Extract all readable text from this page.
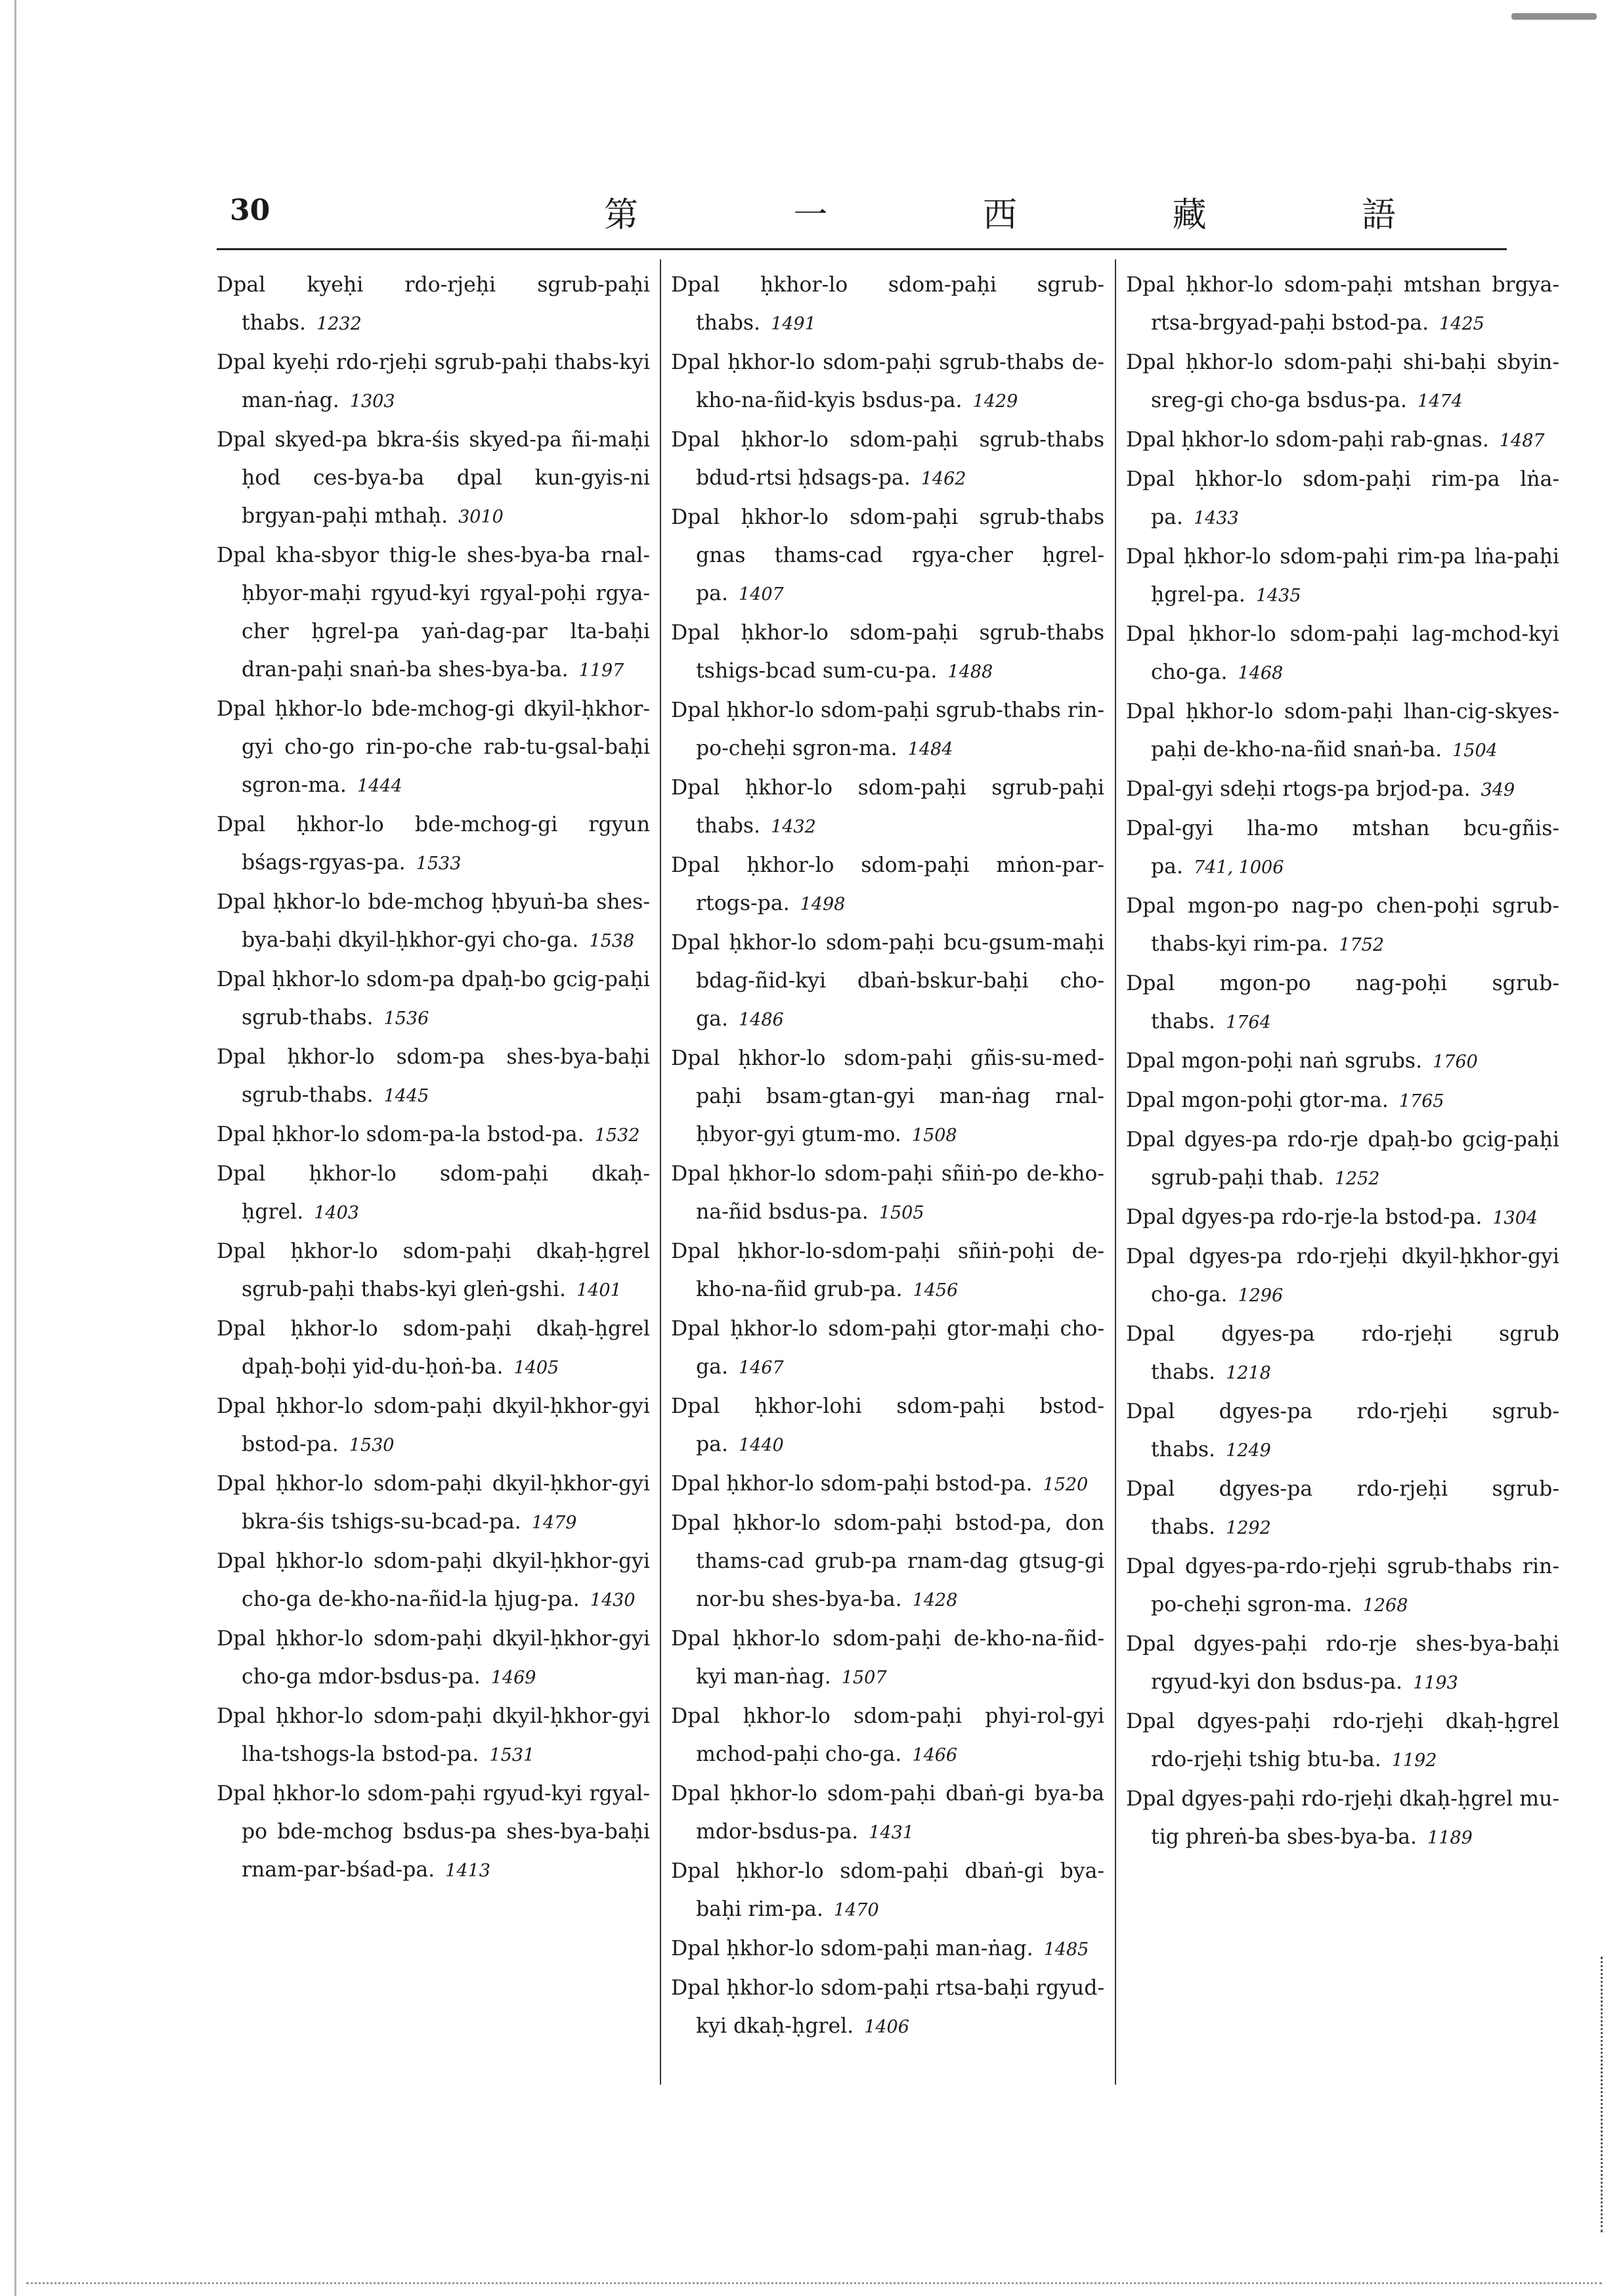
30	第 一 西 藏 語

Dpal kyeḥi rdo-rjeḥi sgrub-paḥi thabs. 1232

Dpal kyeḥi rdo-rjeḥi sgrub-paḥi thabs-kyi man-ṅag. 1303

Dpal skyed-pa bkra-śis skyed-pa ñi-maḥi ḥod ces-bya-ba dpal kun-gyis-ni brgyan-paḥi mthaḥ. 3010

Dpal kha-sbyor thig-le shes-bya-ba rnal-ḥbyor-maḥi rgyud-kyi rgyal-poḥi rgya-cher ḥgrel-pa yaṅ-dag-par lta-baḥi dran-paḥi snaṅ-ba shes-bya-ba. 1197

Dpal ḥkhor-lo bde-mchog-gi dkyil-ḥkhor-gyi cho-go rin-po-che rab-tu-gsal-baḥi sgron-ma. 1444

Dpal ḥkhor-lo bde-mchog-gi rgyun bśags-rgyas-pa. 1533

Dpal ḥkhor-lo bde-mchog ḥbyuṅ-ba shes-bya-baḥi dkyil-ḥkhor-gyi cho-ga. 1538

Dpal ḥkhor-lo sdom-pa dpaḥ-bo gcig-paḥi sgrub-thabs. 1536

Dpal ḥkhor-lo sdom-pa shes-bya-baḥi sgrub-thabs. 1445

Dpal ḥkhor-lo sdom-pa-la bstod-pa. 1532

Dpal ḥkhor-lo sdom-paḥi dkaḥ-ḥgrel. 1403

Dpal ḥkhor-lo sdom-paḥi dkaḥ-ḥgrel sgrub-paḥi thabs-kyi gleṅ-gshi. 1401

Dpal ḥkhor-lo sdom-paḥi dkaḥ-ḥgrel dpaḥ-boḥi yid-du-ḥoṅ-ba. 1405

Dpal ḥkhor-lo sdom-paḥi dkyil-ḥkhor-gyi bstod-pa. 1530

Dpal ḥkhor-lo sdom-paḥi dkyil-ḥkhor-gyi bkra-śis tshigs-su-bcad-pa. 1479

Dpal ḥkhor-lo sdom-paḥi dkyil-ḥkhor-gyi cho-ga de-kho-na-ñid-la ḥjug-pa. 1430

Dpal ḥkhor-lo sdom-paḥi dkyil-ḥkhor-gyi cho-ga mdor-bsdus-pa. 1469

Dpal ḥkhor-lo sdom-paḥi dkyil-ḥkhor-gyi lha-tshogs-la bstod-pa. 1531

Dpal ḥkhor-lo sdom-paḥi rgyud-kyi rgyal-po bde-mchog bsdus-pa shes-bya-baḥi rnam-par-bśad-pa. 1413

Dpal ḥkhor-lo sdom-paḥi sgrub-thabs. 1491

Dpal ḥkhor-lo sdom-paḥi sgrub-thabs de-kho-na-ñid-kyis bsdus-pa. 1429

Dpal ḥkhor-lo sdom-paḥi sgrub-thabs bdud-rtsi ḥdsags-pa. 1462

Dpal ḥkhor-lo sdom-paḥi sgrub-thabs gnas thams-cad rgya-cher ḥgrel-pa. 1407

Dpal ḥkhor-lo sdom-paḥi sgrub-thabs tshigs-bcad sum-cu-pa. 1488

Dpal ḥkhor-lo sdom-paḥi sgrub-thabs rin-po-cheḥi sgron-ma. 1484

Dpal ḥkhor-lo sdom-paḥi sgrub-paḥi thabs. 1432

Dpal ḥkhor-lo sdom-paḥi mṅon-par-rtogs-pa. 1498

Dpal ḥkhor-lo sdom-paḥi bcu-gsum-maḥi bdag-ñid-kyi dbaṅ-bskur-baḥi cho-ga. 1486

Dpal ḥkhor-lo sdom-paḥi gñis-su-med-paḥi bsam-gtan-gyi man-ṅag rnal-ḥbyor-gyi gtum-mo. 1508

Dpal ḥkhor-lo sdom-paḥi sñiṅ-po de-kho-na-ñid bsdus-pa. 1505

Dpal ḥkhor-lo-sdom-paḥi sñiṅ-poḥi de-kho-na-ñid grub-pa. 1456

Dpal ḥkhor-lo sdom-paḥi gtor-maḥi cho-ga. 1467

Dpal ḥkhor-lohi sdom-paḥi bstod-pa. 1440

Dpal ḥkhor-lo sdom-paḥi bstod-pa. 1520

Dpal ḥkhor-lo sdom-paḥi bstod-pa, don thams-cad grub-pa rnam-dag gtsug-gi nor-bu shes-bya-ba. 1428

Dpal ḥkhor-lo sdom-paḥi de-kho-na-ñid-kyi man-ṅag. 1507

Dpal ḥkhor-lo sdom-paḥi phyi-rol-gyi mchod-paḥi cho-ga. 1466

Dpal ḥkhor-lo sdom-paḥi dbaṅ-gi bya-ba mdor-bsdus-pa. 1431

Dpal ḥkhor-lo sdom-paḥi dbaṅ-gi bya-baḥi rim-pa. 1470

Dpal ḥkhor-lo sdom-paḥi man-ṅag. 1485

Dpal ḥkhor-lo sdom-paḥi rtsa-baḥi rgyud-kyi dkaḥ-ḥgrel. 1406

Dpal ḥkhor-lo sdom-paḥi mtshan brgya-rtsa-brgyad-paḥi bstod-pa. 1425

Dpal ḥkhor-lo sdom-paḥi shi-baḥi sbyin-sreg-gi cho-ga bsdus-pa. 1474

Dpal ḥkhor-lo sdom-paḥi rab-gnas. 1487

Dpal ḥkhor-lo sdom-paḥi rim-pa lṅa-pa. 1433

Dpal ḥkhor-lo sdom-paḥi rim-pa lṅa-paḥi ḥgrel-pa. 1435

Dpal ḥkhor-lo sdom-paḥi lag-mchod-kyi cho-ga. 1468

Dpal ḥkhor-lo sdom-paḥi lhan-cig-skyes-paḥi de-kho-na-ñid snaṅ-ba. 1504

Dpal-gyi sdeḥi rtogs-pa brjod-pa. 349

Dpal-gyi lha-mo mtshan bcu-gñis-pa. 741, 1006

Dpal mgon-po nag-po chen-poḥi sgrub-thabs-kyi rim-pa. 1752

Dpal mgon-po nag-poḥi sgrub-thabs. 1764

Dpal mgon-poḥi naṅ sgrubs. 1760

Dpal mgon-poḥi gtor-ma. 1765

Dpal dgyes-pa rdo-rje dpaḥ-bo gcig-paḥi sgrub-paḥi thab. 1252

Dpal dgyes-pa rdo-rje-la bstod-pa. 1304

Dpal dgyes-pa rdo-rjeḥi dkyil-ḥkhor-gyi cho-ga. 1296

Dpal dgyes-pa rdo-rjeḥi sgrub thabs. 1218

Dpal dgyes-pa rdo-rjeḥi sgrub-thabs. 1249

Dpal dgyes-pa rdo-rjeḥi sgrub-thabs. 1292

Dpal dgyes-pa-rdo-rjeḥi sgrub-thabs rin-po-cheḥi sgron-ma. 1268

Dpal dgyes-paḥi rdo-rje shes-bya-baḥi rgyud-kyi don bsdus-pa. 1193

Dpal dgyes-paḥi rdo-rjeḥi dkaḥ-ḥgrel rdo-rjeḥi tshig btu-ba. 1192

Dpal dgyes-paḥi rdo-rjeḥi dkaḥ-ḥgrel mu-tig phreṅ-ba sbes-bya-ba. 1189
